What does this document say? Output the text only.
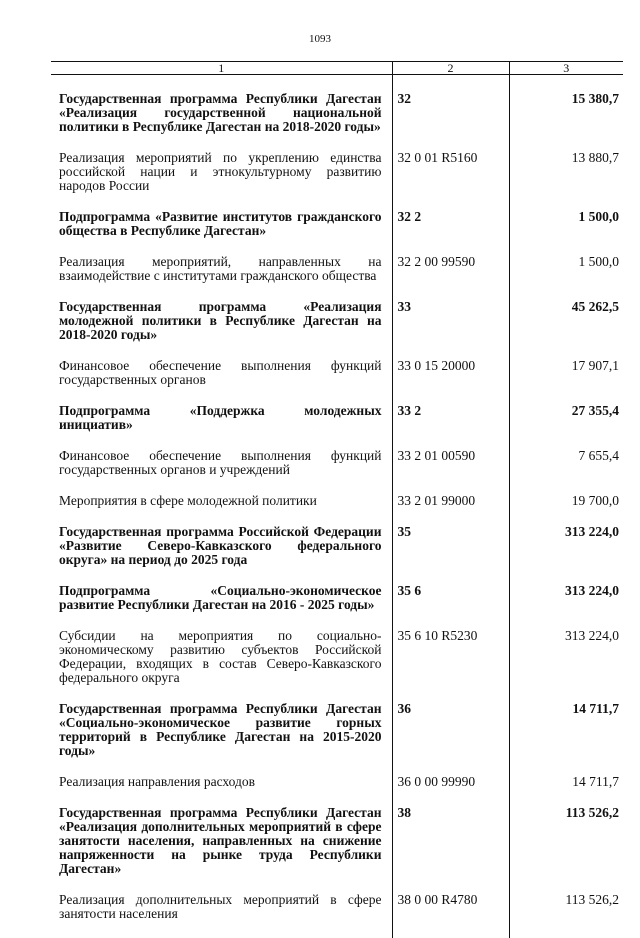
1093
1	2	3
Государственная программа Республики Дагестан «Реализация государственной национальной политики в Республике Дагестан на 2018-2020 годы»	32	15 380,7
Реализация мероприятий по укреплению единства российской нации и этнокультурному развитию народов России	32 0 01 R5160	13 880,7
Подпрограмма «Развитие институтов гражданского общества в Республике Дагестан»	32 2	1 500,0
Реализация мероприятий, направленных на взаимодействие с институтами гражданского общества	32 2 00 99590	1 500,0
Государственная программа «Реализация молодежной политики в Республике Дагестан на 2018-2020 годы»	33	45 262,5
Финансовое обеспечение выполнения функций государственных органов	33 0 15 20000	17 907,1
Подпрограмма «Поддержка молодежных инициатив»	33 2	27 355,4
Финансовое обеспечение выполнения функций государственных органов и учреждений	33 2 01 00590	7 655,4
Мероприятия в сфере молодежной политики	33 2 01 99000	19 700,0
Государственная программа Российской Федерации «Развитие Северо-Кавказского федерального округа» на период до 2025 года	35	313 224,0
Подпрограмма «Социально-экономическое развитие Республики Дагестан на 2016 - 2025 годы»	35 6	313 224,0
Субсидии на мероприятия по социально-экономическому развитию субъектов Российской Федерации, входящих в состав Северо-Кавказского федерального округа	35 6 10 R5230	313 224,0
Государственная программа Республики Дагестан «Социально-экономическое развитие горных территорий в Республике Дагестан на 2015-2020 годы»	36	14 711,7
Реализация направления расходов	36 0 00 99990	14 711,7
Государственная программа Республики Дагестан «Реализация дополнительных мероприятий в сфере занятости населения, направленных на снижение напряженности на рынке труда Республики Дагестан»	38	113 526,2
Реализация дополнительных мероприятий в сфере занятости населения	38 0 00 R4780	113 526,2
